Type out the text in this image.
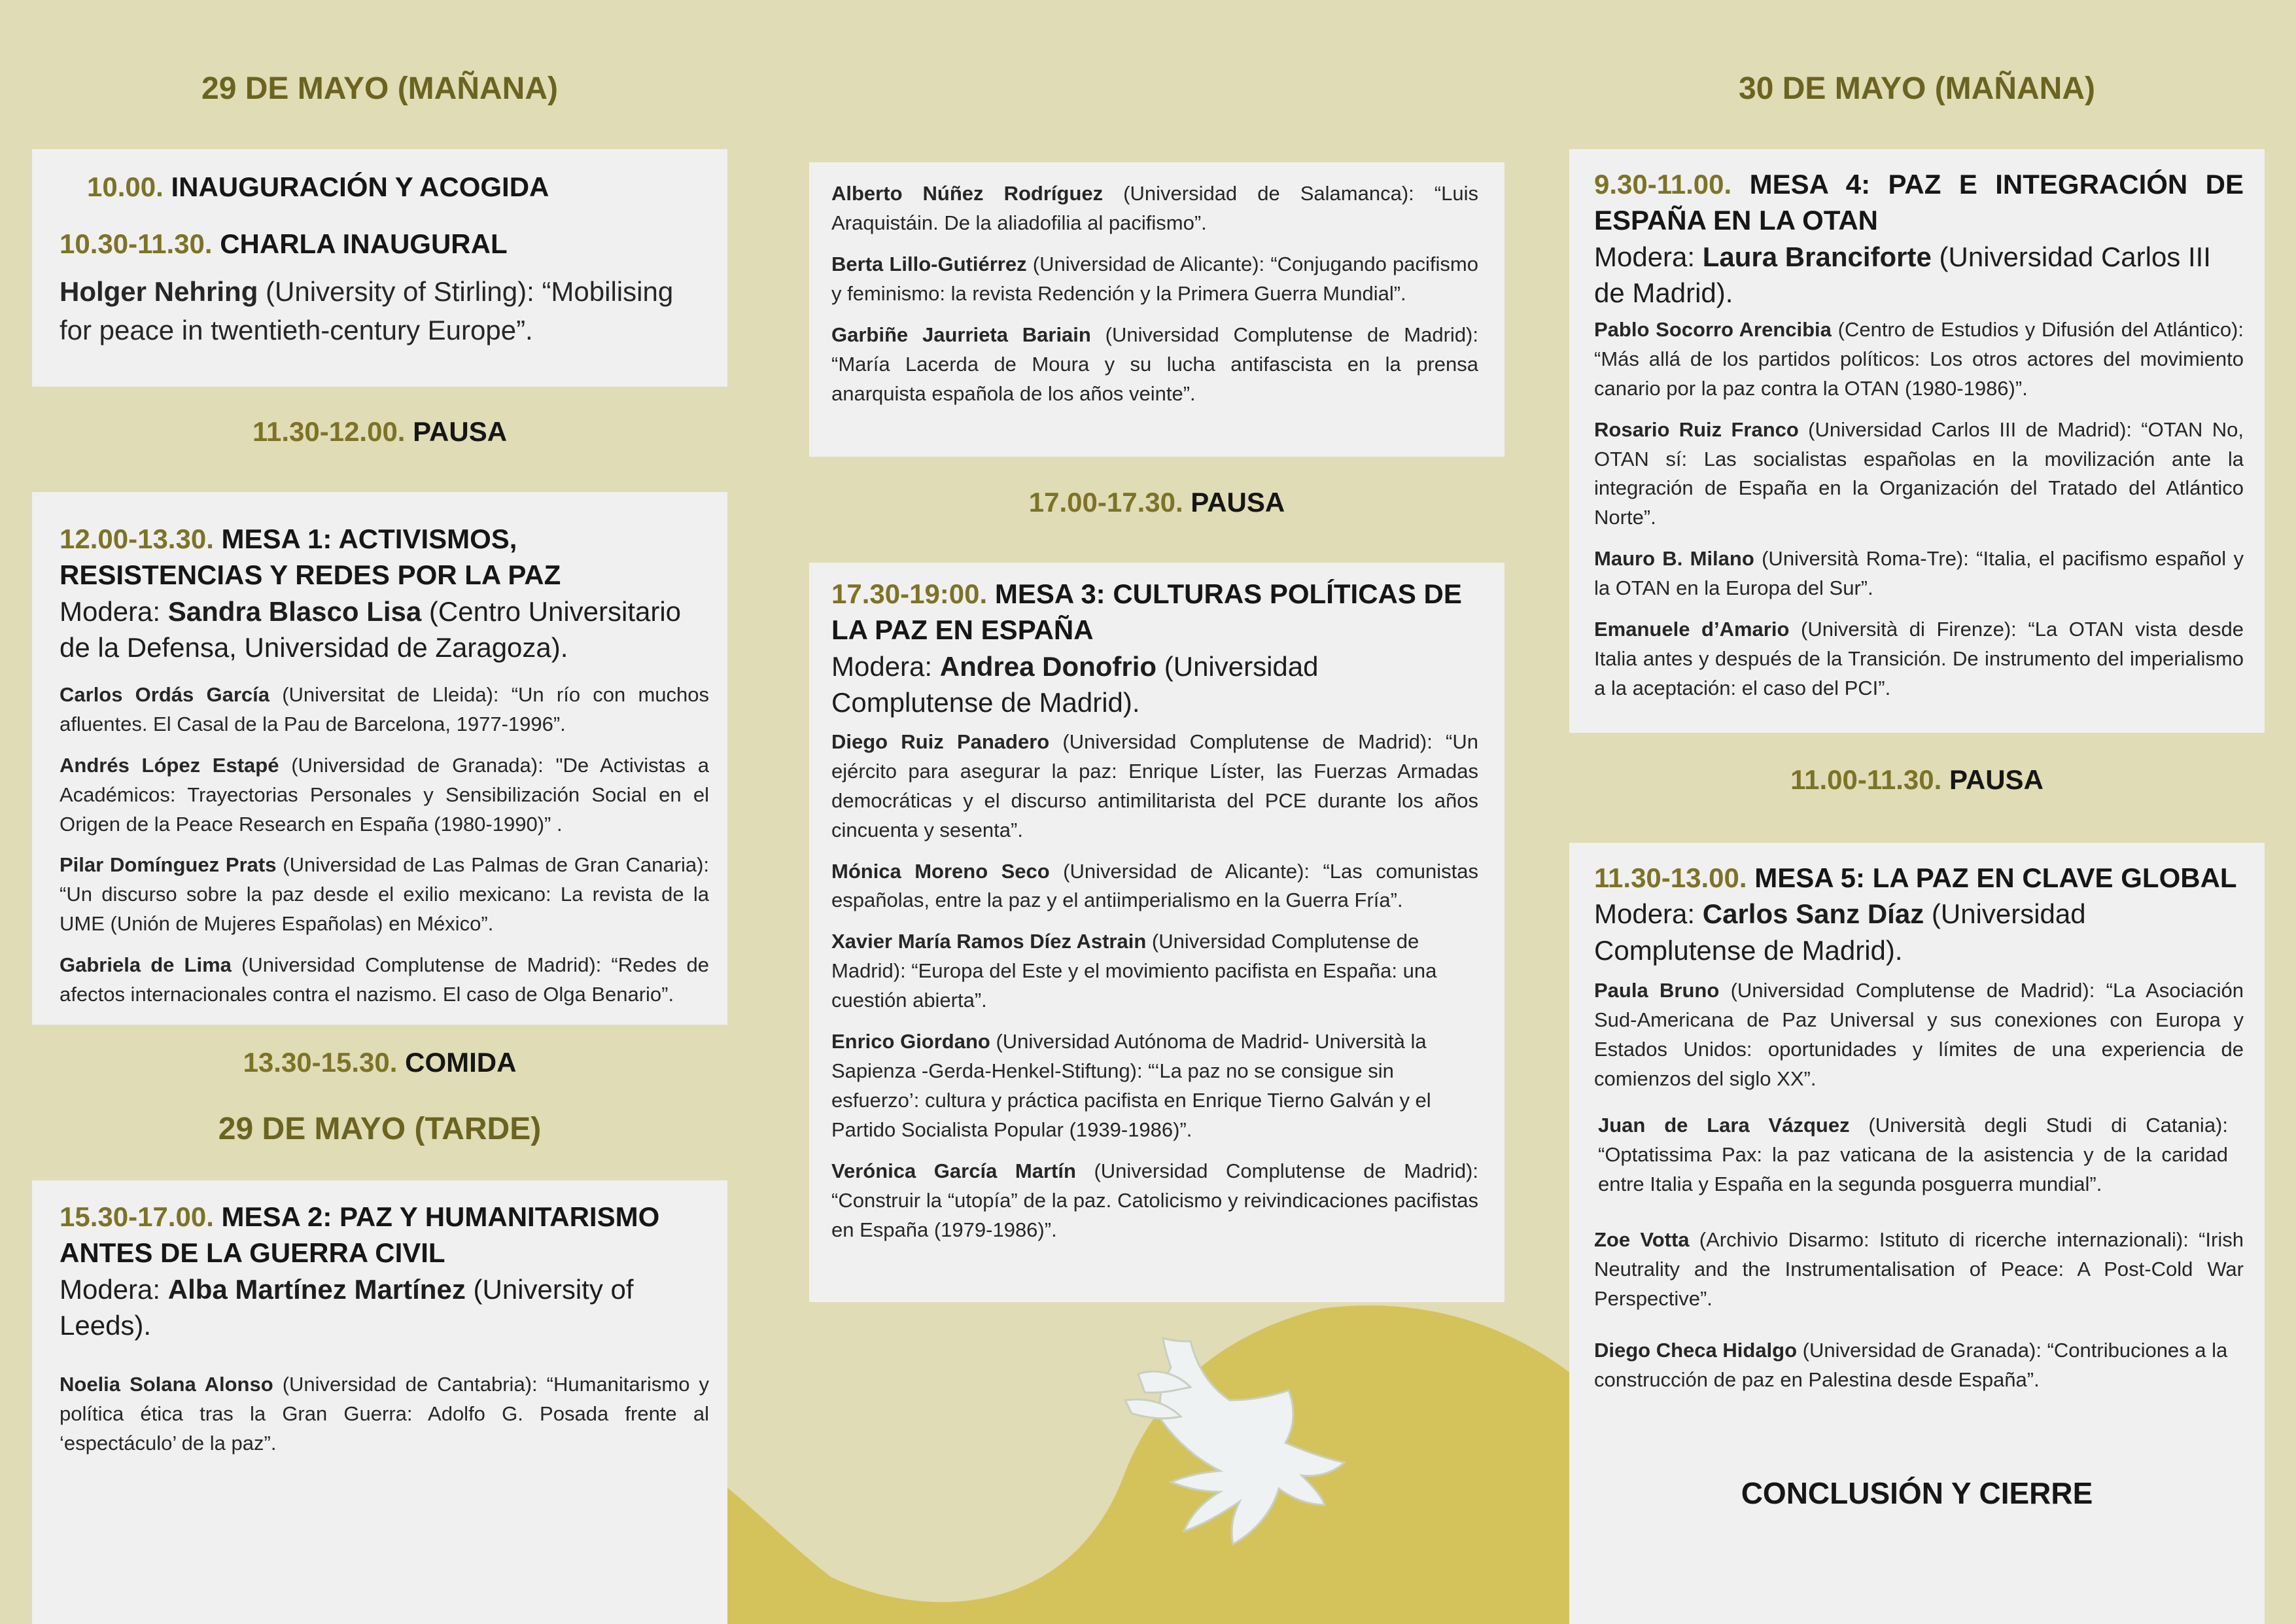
29 DE MAYO (MAÑANA)

10.00. INAUGURACIÓN Y ACOGIDA

10.30-11.30. CHARLA INAUGURAL

Holger Nehring (University of Stirling): “Mobilising for peace in twentieth-century Europe”.

11.30-12.00. PAUSA

12.00-13.30. MESA 1: ACTIVISMOS, RESISTENCIAS Y REDES POR LA PAZ

Modera: Sandra Blasco Lisa (Centro Universitario de la Defensa, Universidad de Zaragoza).

Carlos Ordás García (Universitat de Lleida): “Un río con muchos afluentes. El Casal de la Pau de Barcelona, 1977-1996”.

Andrés López Estapé (Universidad de Granada): "De Activistas a Académicos: Trayectorias Personales y Sensibilización Social en el Origen de la Peace Research en España (1980-1990)” .

Pilar Domínguez Prats (Universidad de Las Palmas de Gran Canaria): “Un discurso sobre la paz desde el exilio mexicano: La revista de la UME (Unión de Mujeres Españolas) en México”.

Gabriela de Lima (Universidad Complutense de Madrid): “Redes de afectos internacionales contra el nazismo. El caso de Olga Benario”.

13.30-15.30. COMIDA

29 DE MAYO (TARDE)

15.30-17.00. MESA 2: PAZ Y HUMANITARISMO ANTES DE LA GUERRA CIVIL

Modera: Alba Martínez Martínez (University of Leeds).

Noelia Solana Alonso (Universidad de Cantabria): “Humanitarismo y política ética tras la Gran Guerra: Adolfo G. Posada frente al ‘espectáculo’ de la paz”.

Alberto Núñez Rodríguez (Universidad de Salamanca): “Luis Araquistáin. De la aliadofilia al pacifismo”.

Berta Lillo-Gutiérrez (Universidad de Alicante): “Conjugando pacifismo y feminismo: la revista Redención y la Primera Guerra Mundial”.

Garbiñe Jaurrieta Bariain (Universidad Complutense de Madrid): “María Lacerda de Moura y su lucha antifascista en la prensa anarquista española de los años veinte”.

17.00-17.30. PAUSA

17.30-19:00. MESA 3: CULTURAS POLÍTICAS DE LA PAZ EN ESPAÑA

Modera: Andrea Donofrio (Universidad Complutense de Madrid).

Diego Ruiz Panadero (Universidad Complutense de Madrid): “Un ejército para asegurar la paz: Enrique Líster, las Fuerzas Armadas democráticas y el discurso antimilitarista del PCE durante los años cincuenta y sesenta”.

Mónica Moreno Seco (Universidad de Alicante): “Las comunistas españolas, entre la paz y el antiimperialismo en la Guerra Fría”.

Xavier María Ramos Díez Astrain (Universidad Complutense de Madrid): “Europa del Este y el movimiento pacifista en España: una cuestión abierta”.

Enrico Giordano (Universidad Autónoma de Madrid- Università la Sapienza -Gerda-Henkel-Stiftung): “‘La paz no se consigue sin esfuerzo’: cultura y práctica pacifista en Enrique Tierno Galván y el Partido Socialista Popular (1939-1986)”.

Verónica García Martín (Universidad Complutense de Madrid): “Construir la “utopía” de la paz. Catolicismo y reivindicaciones pacifistas en España (1979-1986)”.

30 DE MAYO (MAÑANA)

9.30-11.00. MESA 4: PAZ E INTEGRACIÓN DE ESPAÑA EN LA OTAN

Modera: Laura Branciforte (Universidad Carlos III de Madrid).

Pablo Socorro Arencibia (Centro de Estudios y Difusión del Atlántico): “Más allá de los partidos políticos: Los otros actores del movimiento canario por la paz contra la OTAN (1980-1986)”.

Rosario Ruiz Franco (Universidad Carlos III de Madrid): “OTAN No, OTAN sí: Las socialistas españolas en la movilización ante la integración de España en la Organización del Tratado del Atlántico Norte”.

Mauro B. Milano (Università Roma-Tre): “Italia, el pacifismo español y la OTAN en la Europa del Sur”.

Emanuele d’Amario (Università di Firenze): “La OTAN vista desde Italia antes y después de la Transición. De instrumento del imperialismo a la aceptación: el caso del PCI”.

11.00-11.30. PAUSA

11.30-13.00. MESA 5: LA PAZ EN CLAVE GLOBAL

Modera: Carlos Sanz Díaz (Universidad Complutense de Madrid).

Paula Bruno (Universidad Complutense de Madrid): “La Asociación Sud-Americana de Paz Universal y sus conexiones con Europa y Estados Unidos: oportunidades y límites de una experiencia de comienzos del siglo XX”.

Juan de Lara Vázquez (Università degli Studi di Catania): “Optatissima Pax: la paz vaticana de la asistencia y de la caridad entre Italia y España en la segunda posguerra mundial”.

Zoe Votta (Archivio Disarmo: Istituto di ricerche internazionali): “Irish Neutrality and the Instrumentalisation of Peace: A Post-Cold War Perspective”.

Diego Checa Hidalgo (Universidad de Granada): “Contribuciones a la construcción de paz en Palestina desde España”.

CONCLUSIÓN Y CIERRE
